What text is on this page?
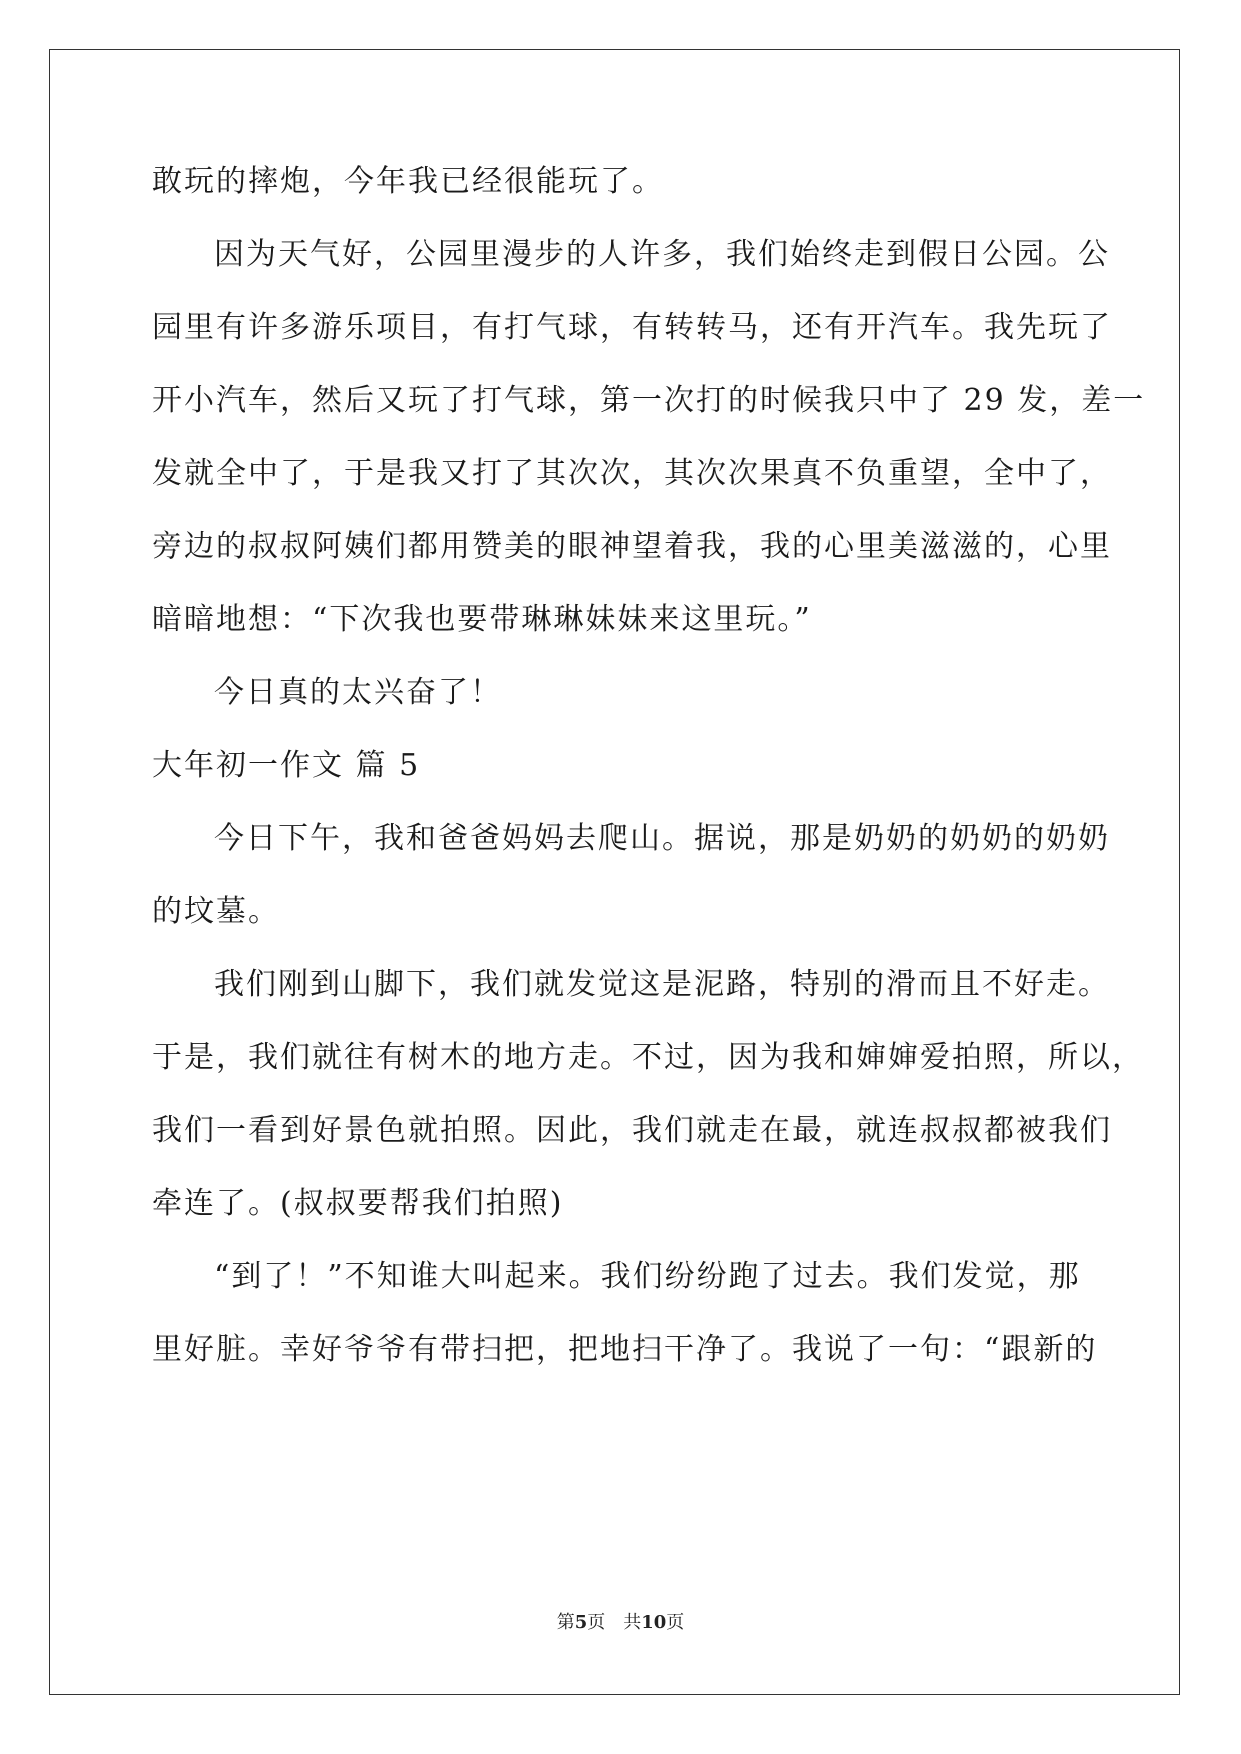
敢玩的摔炮，今年我已经很能玩了。
因为天气好，公园里漫步的人许多，我们始终走到假日公园。公
园里有许多游乐项目，有打气球，有转转马，还有开汽车。我先玩了
开小汽车，然后又玩了打气球，第一次打的时候我只中了 29 发，差一
发就全中了，于是我又打了其次次，其次次果真不负重望，全中了，
旁边的叔叔阿姨们都用赞美的眼神望着我，我的心里美滋滋的，心里
暗暗地想：“下次我也要带琳琳妹妹来这里玩。”
今日真的太兴奋了！
大年初一作文 篇 5
今日下午，我和爸爸妈妈去爬山。据说，那是奶奶的奶奶的奶奶
的坟墓。
我们刚到山脚下，我们就发觉这是泥路，特别的滑而且不好走。
于是，我们就往有树木的地方走。不过，因为我和婶婶爱拍照，所以，
我们一看到好景色就拍照。因此，我们就走在最，就连叔叔都被我们
牵连了。(叔叔要帮我们拍照)
“到了！”不知谁大叫起来。我们纷纷跑了过去。我们发觉，那
里好脏。幸好爷爷有带扫把，把地扫干净了。我说了一句：“跟新的
第5页　共10页
